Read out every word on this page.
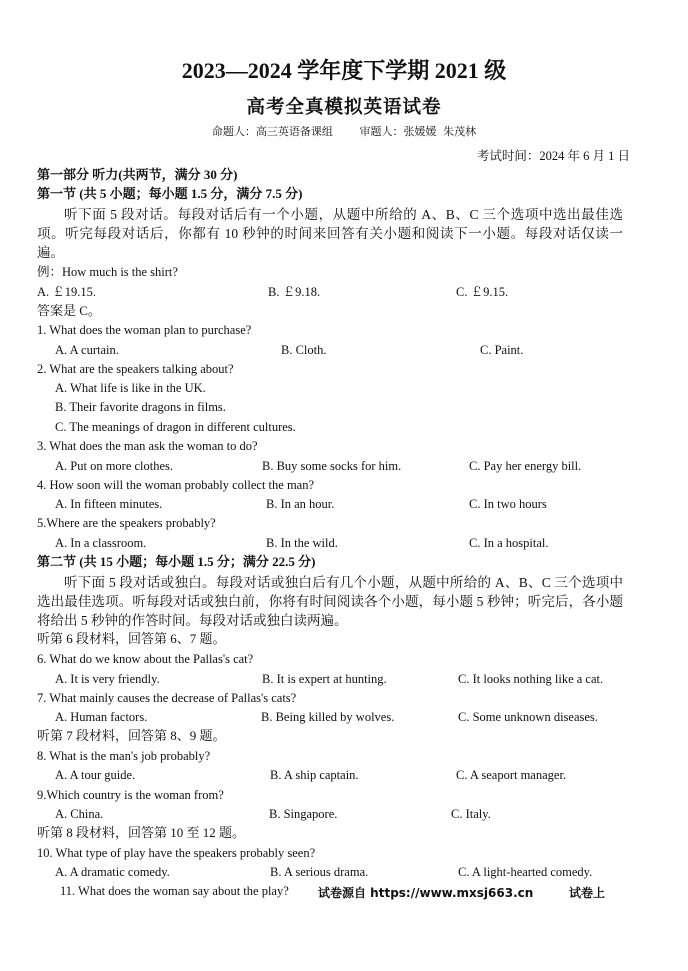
2023—2024 学年度下学期 2021 级
高考全真模拟英语试卷
命题人：高三英语备课组 审题人：张媛媛 朱茂林
考试时间：2024 年 6 月 1 日
第一部分 听力(共两节，满分 30 分)
第一节 (共 5 小题；每小题 1.5 分，满分 7.5 分)
听下面 5 段对话。每段对话后有一个小题，从题中所给的 A、B、C 三个选项中选出最佳选项。听完每段对话后，你都有 10 秒钟的时间来回答有关小题和阅读下一小题。每段对话仅读一遍。
例：How much is the shirt?
A. ￡19.15.	B. ￡9.18.	C. ￡9.15.
答案是 C。
1. What does the woman plan to purchase?
A. A curtain.	B. Cloth.	C. Paint.
2. What are the speakers talking about?
A. What life is like in the UK.
B. Their favorite dragons in films.
C. The meanings of dragon in different cultures.
3. What does the man ask the woman to do?
A. Put on more clothes.	B. Buy some socks for him.	C. Pay her energy bill.
4. How soon will the woman probably collect the man?
A. In fifteen minutes.	B. In an hour.	C. In two hours
5.Where are the speakers probably?
A. In a classroom.	B. In the wild.	C. In a hospital.
第二节 (共 15 小题；每小题 1.5 分；满分 22.5 分)
听下面 5 段对话或独白。每段对话或独白后有几个小题，从题中所给的 A、B、C 三个选项中选出最佳选项。听每段对话或独白前，你将有时间阅读各个小题，每小题 5 秒钟；听完后，各小题将给出 5 秒钟的作答时间。每段对话或独白读两遍。
听第 6 段材料，回答第 6、7 题。
6. What do we know about the Pallas's cat?
A. It is very friendly.	B. It is expert at hunting.	C. It looks nothing like a cat.
7. What mainly causes the decrease of Pallas's cats?
A. Human factors.	B. Being killed by wolves.	C. Some unknown diseases.
听第 7 段材料，回答第 8、9 题。
8. What is the man's job probably?
A. A tour guide.	B. A ship captain.	C. A seaport manager.
9.Which country is the woman from?
A. China.	B. Singapore.	C. Italy.
听第 8 段材料，回答第 10 至 12 题。
10. What type of play have the speakers probably seen?
A. A dramatic comedy.	B. A serious drama.	C. A light-hearted comedy.
11. What does the woman say about the play? 试卷源自 https://www.mxsj663.cn	试卷上
